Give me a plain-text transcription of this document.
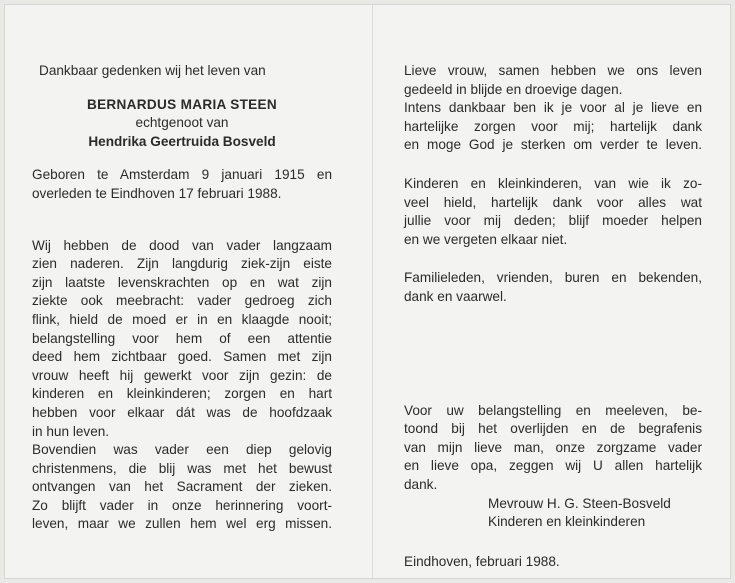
Dankbaar gedenken wij het leven van
BERNARDUS MARIA STEEN
echtgenoot van
Hendrika Geertruida Bosveld
Geboren te Amsterdam 9 januari 1915 en
overleden te Eindhoven 17 februari 1988.
Wij hebben de dood van vader langzaam
zien naderen. Zijn langdurig ziek-zijn eiste
zijn laatste levenskrachten op en wat zijn
ziekte ook meebracht: vader gedroeg zich
flink, hield de moed er in en klaagde nooit;
belangstelling voor hem of een attentie
deed hem zichtbaar goed. Samen met zijn
vrouw heeft hij gewerkt voor zijn gezin: de
kinderen en kleinkinderen; zorgen en hart
hebben voor elkaar dát was de hoofdzaak
in hun leven.
Bovendien was vader een diep gelovig
christenmens, die blij was met het bewust
ontvangen van het Sacrament der zieken.
Zo blijft vader in onze herinnering voort-
leven, maar we zullen hem wel erg missen.
Lieve vrouw, samen hebben we ons leven
gedeeld in blijde en droevige dagen.
Intens dankbaar ben ik je voor al je lieve en
hartelijke zorgen voor mij; hartelijk dank
en moge God je sterken om verder te leven.
Kinderen en kleinkinderen, van wie ik zo-
veel hield, hartelijk dank voor alles wat
jullie voor mij deden; blijf moeder helpen
en we vergeten elkaar niet.
Familieleden, vrienden, buren en bekenden,
dank en vaarwel.
Voor uw belangstelling en meeleven, be-
toond bij het overlijden en de begrafenis
van mijn lieve man, onze zorgzame vader
en lieve opa, zeggen wij U allen hartelijk
dank.
Mevrouw H. G. Steen-Bosveld
Kinderen en kleinkinderen
Eindhoven, februari 1988.
